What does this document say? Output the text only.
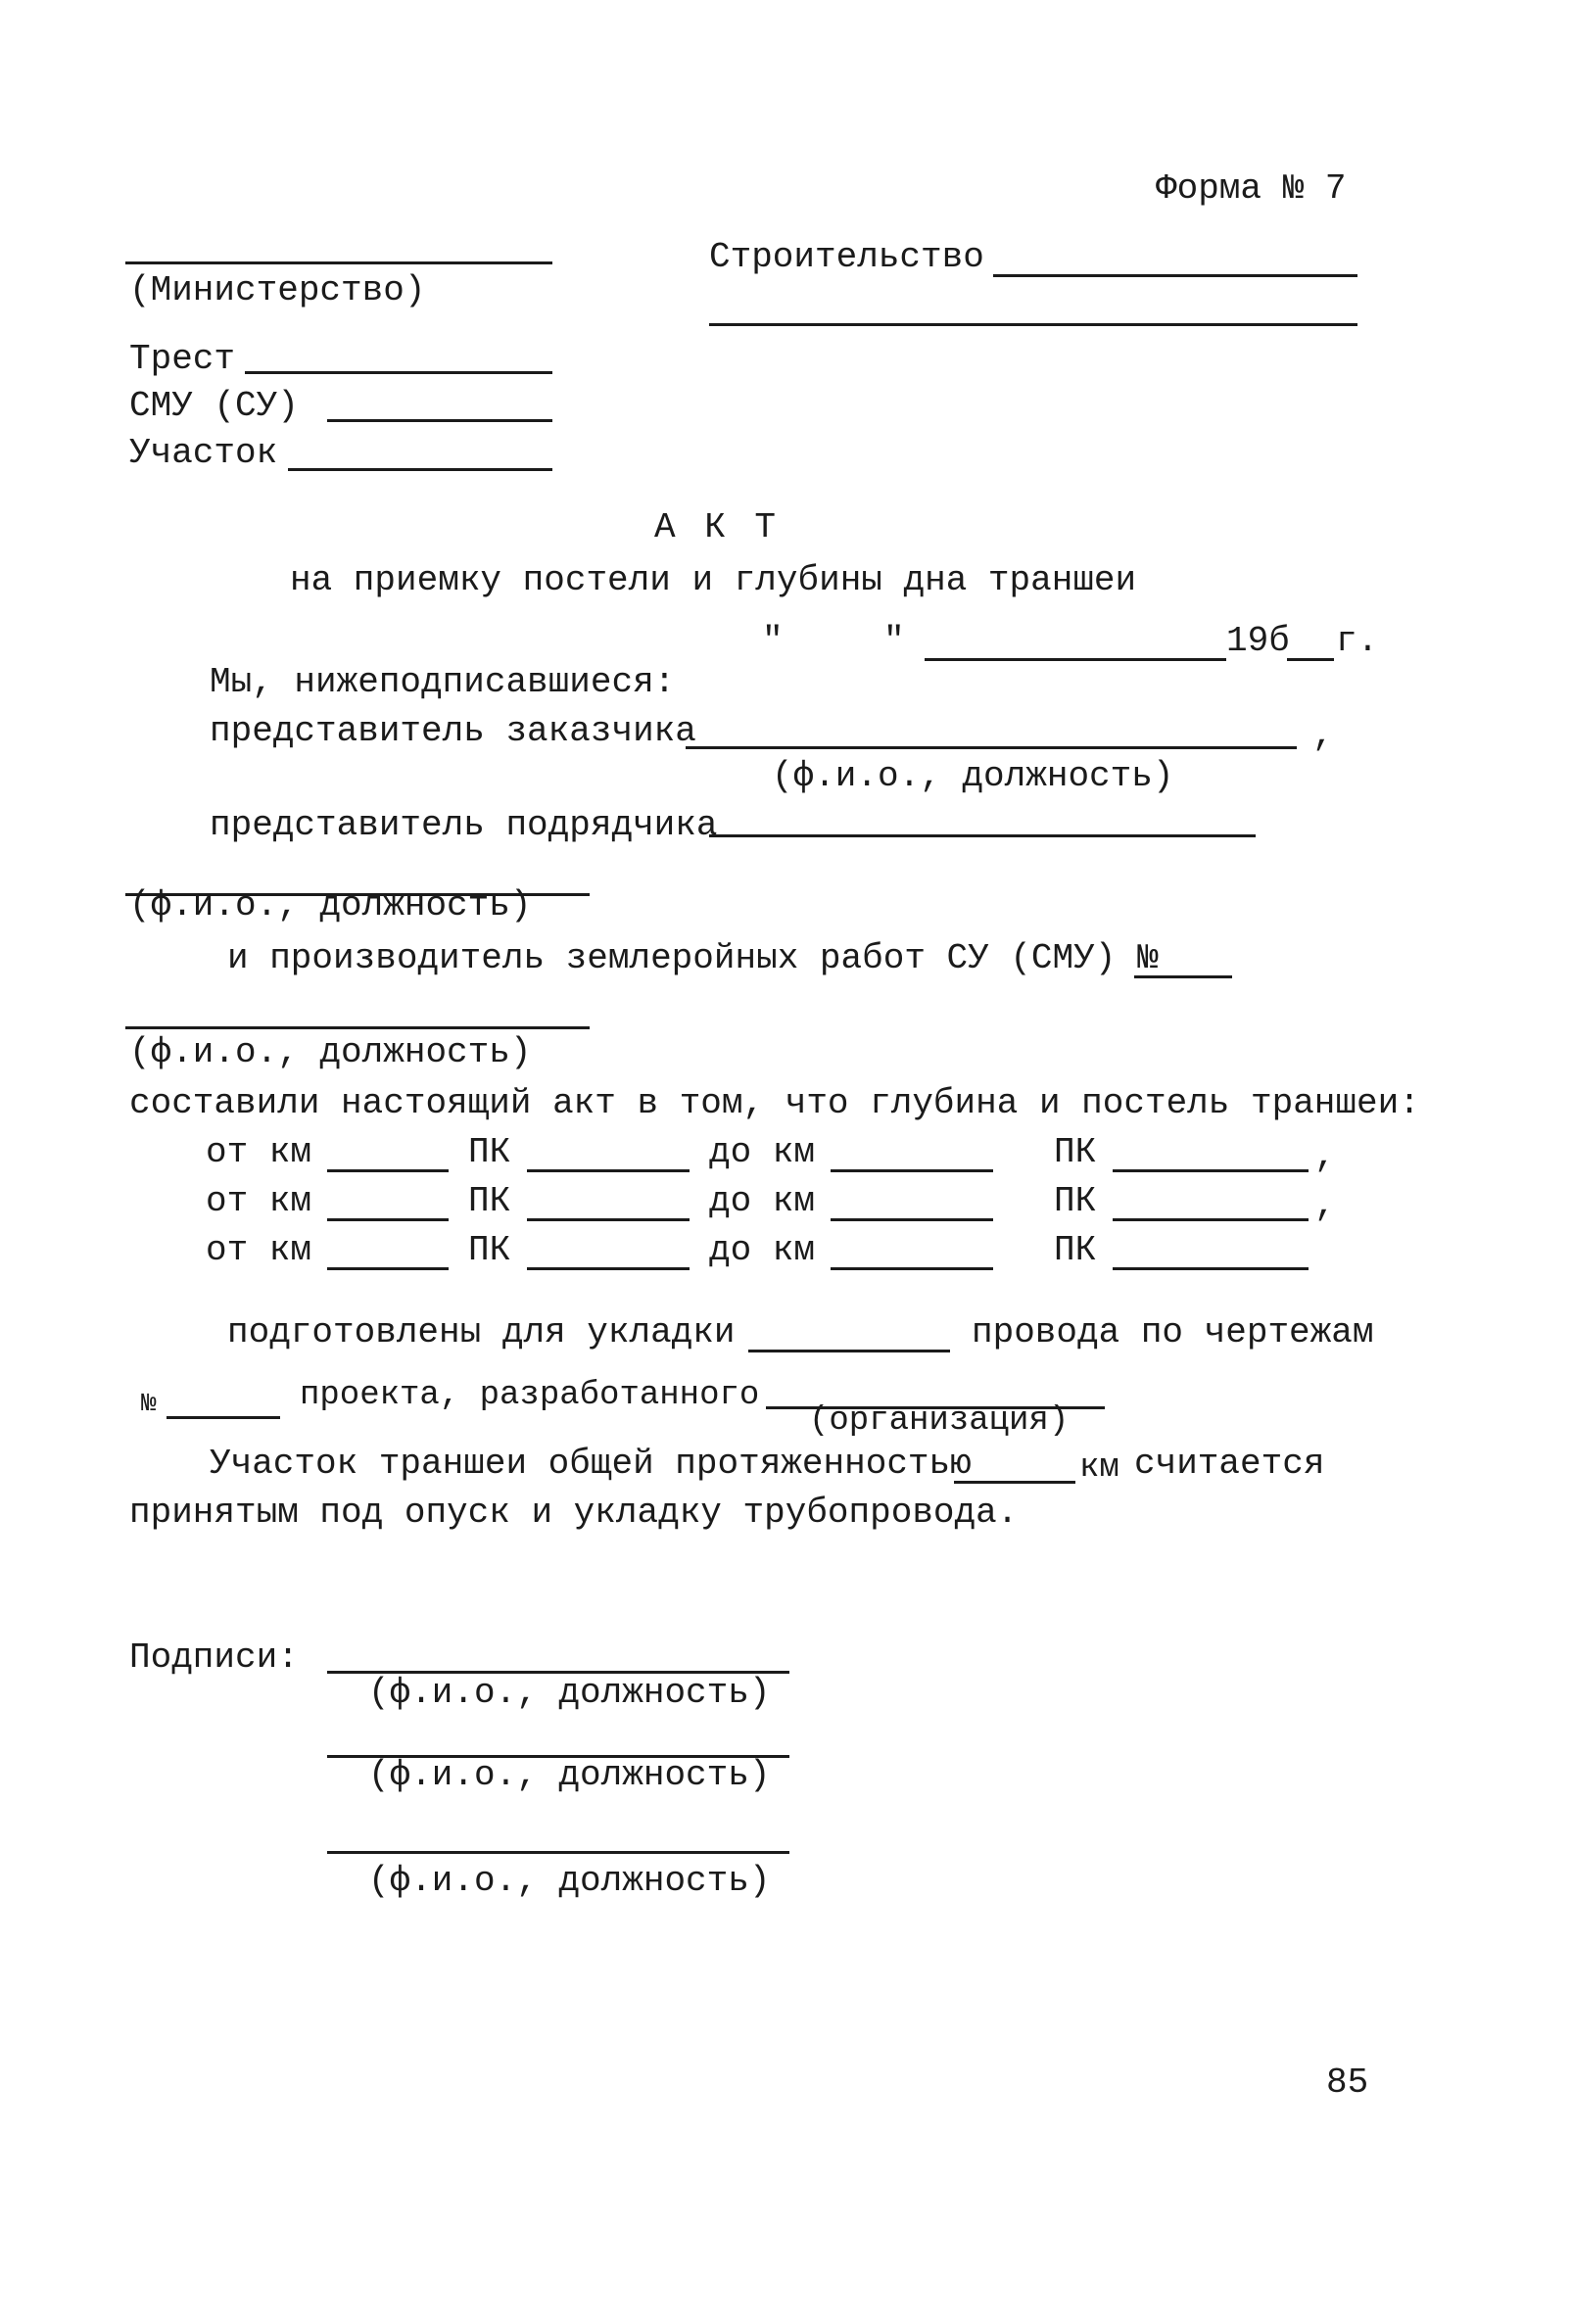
Форма № 7
(Министерство)
Строительство
Трест
СМУ (СУ)
Участок
А К Т
на приемку постели и глубины дна траншеи
"	"	19б г.
Мы, нижеподписавшиеся:
представитель заказчика	,
(ф.и.о., должность)
представитель подрядчика
(ф.и.о., должность)
и производитель землеройных работ СУ (СМУ) №
(ф.и.о., должность)
составили настоящий акт в том, что глубина и постель траншеи:
от км	ПК	до км	ПК	,
от км	ПК	до км	ПК	,
от км	ПК	до км	ПК
подготовлены для укладки	провода по чертежам
№	проекта, разработанного
(организация)
Участок траншеи общей протяженностью	км считается
принятым под опуск и укладку трубопровода.
Подписи:
(ф.и.о., должность)
(ф.и.о., должность)
(ф.и.о., должность)
85
